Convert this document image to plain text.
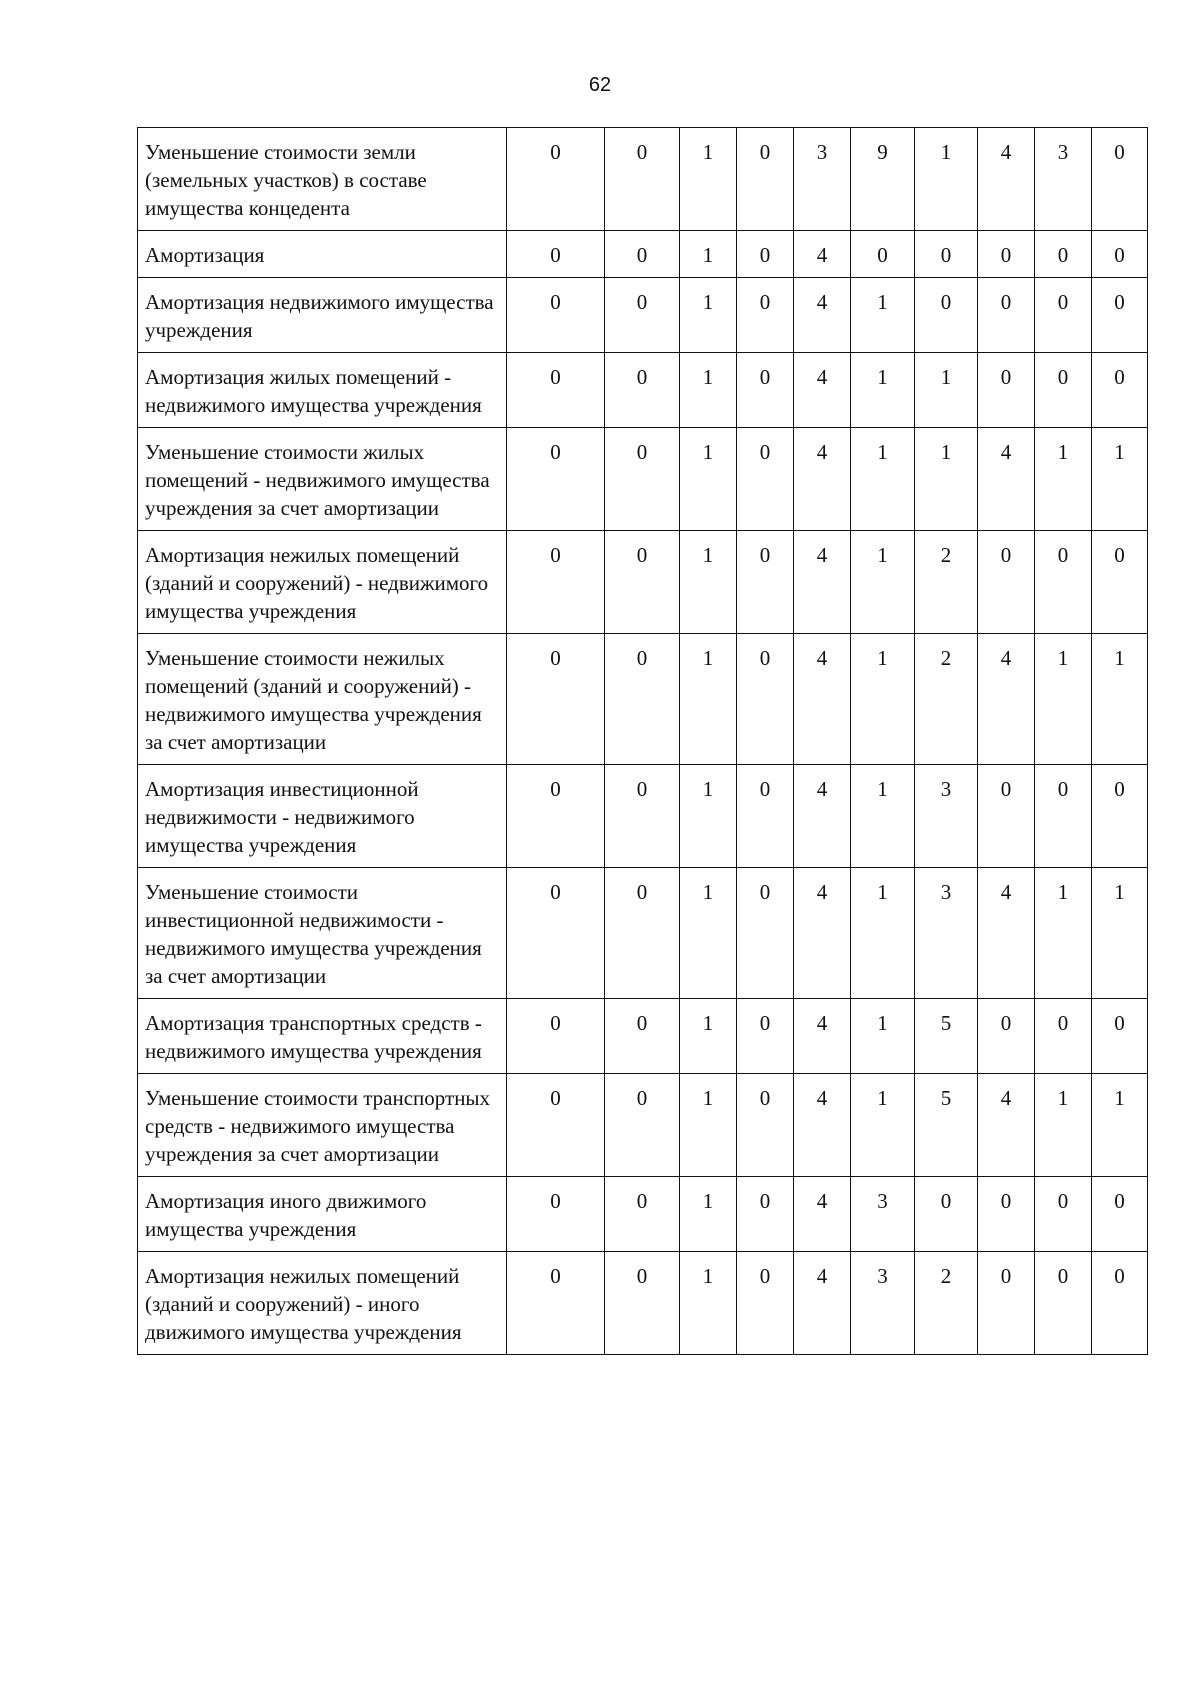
62
Уменьшение стоимости земли (земельных участков) в составе имущества концедента	0	0	1	0	3	9	1	4	3	0
Амортизация	0	0	1	0	4	0	0	0	0	0
Амортизация недвижимого имущества учреждения	0	0	1	0	4	1	0	0	0	0
Амортизация жилых помещений - недвижимого имущества учреждения	0	0	1	0	4	1	1	0	0	0
Уменьшение стоимости жилых помещений - недвижимого имущества учреждения за счет амортизации	0	0	1	0	4	1	1	4	1	1
Амортизация нежилых помещений (зданий и сооружений) - недвижимого имущества учреждения	0	0	1	0	4	1	2	0	0	0
Уменьшение стоимости нежилых помещений (зданий и сооружений) - недвижимого имущества учреждения за счет амортизации	0	0	1	0	4	1	2	4	1	1
Амортизация инвестиционной недвижимости - недвижимого имущества учреждения	0	0	1	0	4	1	3	0	0	0
Уменьшение стоимости инвестиционной недвижимости - недвижимого имущества учреждения за счет амортизации	0	0	1	0	4	1	3	4	1	1
Амортизация транспортных средств - недвижимого имущества учреждения	0	0	1	0	4	1	5	0	0	0
Уменьшение стоимости транспортных средств - недвижимого имущества учреждения за счет амортизации	0	0	1	0	4	1	5	4	1	1
Амортизация иного движимого имущества учреждения	0	0	1	0	4	3	0	0	0	0
Амортизация нежилых помещений (зданий и сооружений) - иного движимого имущества учреждения	0	0	1	0	4	3	2	0	0	0
